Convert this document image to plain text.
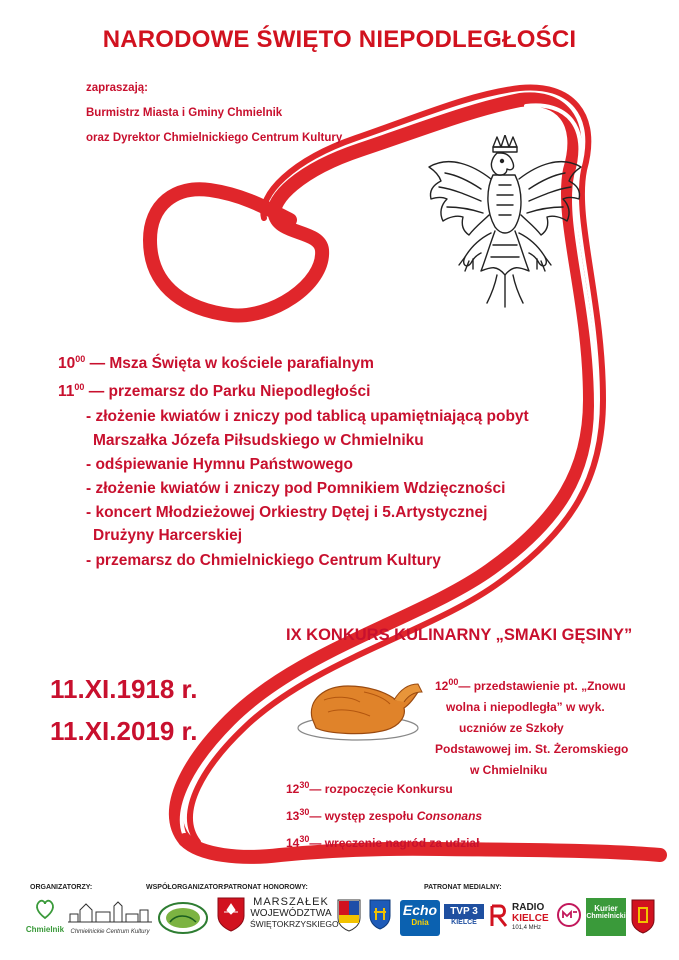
NARODOWE ŚWIĘTO NIEPODLEGŁOŚCI
zapraszają:
Burmistrz Miasta i Gminy Chmielnik
oraz Dyrektor Chmielnickiego Centrum Kultury
$10^{00}$ — Msza Święta w kościele parafialnym
$11^{00}$ — przemarsz do Parku Niepodległości
- złożenie kwiatów i zniczy pod tablicą upamiętniającą pobyt
Marszałka Józefa Piłsudskiego w Chmielniku
- odśpiewanie Hymnu Państwowego
- złożenie kwiatów i zniczy pod Pomnikiem Wdzięczności
- koncert Młodzieżowej Orkiestry Dętej i 5.Artystycznej
Drużyny Harcerskiej
- przemarsz do Chmielnickiego Centrum Kultury
IX KONKURS KULINARNY „SMAKI GĘSINY”
11.XI.1918 r.
11.XI.2019 r.
$12^{00}—$ przedstawienie pt. „Znowu
wolna i niepodległa” w wyk.
uczniów ze Szkoły
Podstawowej im. St. Żeromskiego
w Chmielniku
$12^{30}—$ rozpoczęcie Konkursu
$13^{30}—$ występ zespołu Consonans
$14^{30}—$ wręczenie nagród za udział
ORGANIZATORZY:	WSPÓŁORGANIZATOR:
PATRONAT HONOROWY:	PATRONAT MEDIALNY:
Chmielnik	Chmielnickie Centrum Kultury
MARSZAŁEK
WOJEWÓDZTWA
ŚWIĘTOKRZYSKIEGO
Echo
Dnia
TVP 3
KIELCE
RADIO
KIELCE
101,4 MHz
Kurier
Chmielnicki
